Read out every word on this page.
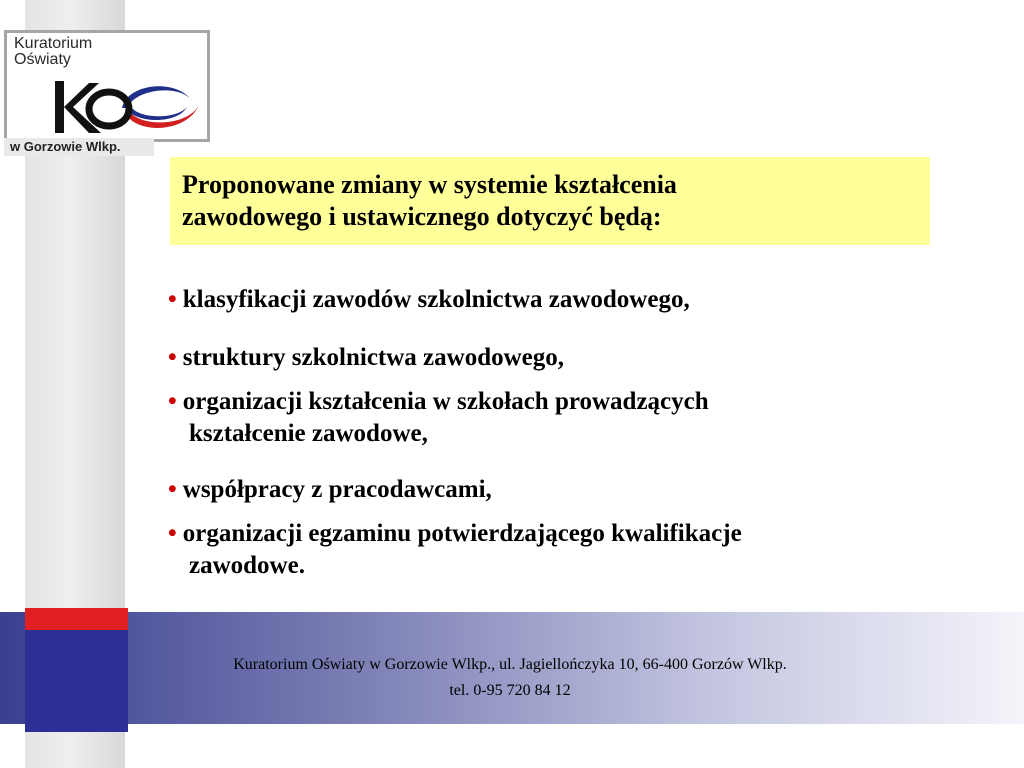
Kuratorium
Oświaty

w Gorzowie Wlkp.

Proponowane zmiany w systemie kształcenia

zawodowego i ustawicznego dotyczyć będą:

• klasyfikacji zawodów szkolnictwa zawodowego,
• struktury szkolnictwa zawodowego,
• organizacji kształcenia w szkołach prowadzących
kształcenie zawodowe,
• współpracy z pracodawcami,
• organizacji egzaminu potwierdzającego kwalifikacje
zawodowe.
Kuratorium Oświaty w Gorzowie Wlkp., ul. Jagiellończyka 10, 66-400 Gorzów Wlkp.
tel. 0-95 720 84 12
